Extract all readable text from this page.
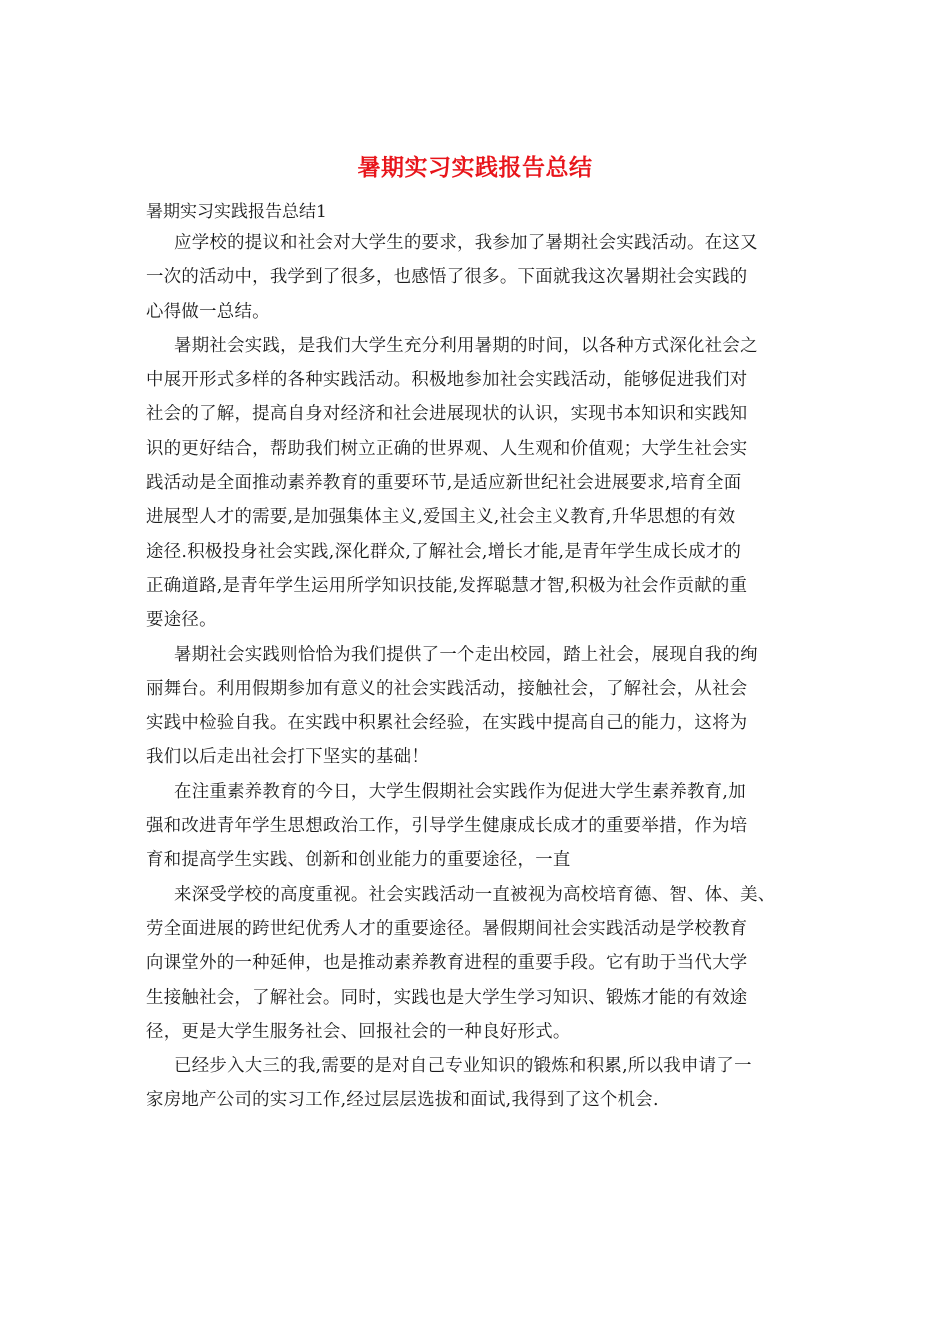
暑期实习实践报告总结

暑期实习实践报告总结1

应学校的提议和社会对大学生的要求，我参加了暑期社会实践活动。在这又
一次的活动中，我学到了很多，也感悟了很多。下面就我这次暑期社会实践的
心得做一总结。

暑期社会实践，是我们大学生充分利用暑期的时间，以各种方式深化社会之
中展开形式多样的各种实践活动。积极地参加社会实践活动，能够促进我们对
社会的了解，提高自身对经济和社会进展现状的认识，实现书本知识和实践知
识的更好结合，帮助我们树立正确的世界观、人生观和价值观；大学生社会实
践活动是全面推动素养教育的重要环节,是适应新世纪社会进展要求,培育全面
进展型人才的需要,是加强集体主义,爱国主义,社会主义教育,升华思想的有效
途径.积极投身社会实践,深化群众,了解社会,增长才能,是青年学生成长成才的
正确道路,是青年学生运用所学知识技能,发挥聪慧才智,积极为社会作贡献的重
要途径。

暑期社会实践则恰恰为我们提供了一个走出校园，踏上社会，展现自我的绚
丽舞台。利用假期参加有意义的社会实践活动，接触社会，了解社会，从社会
实践中检验自我。在实践中积累社会经验，在实践中提高自己的能力，这将为
我们以后走出社会打下坚实的基础！

在注重素养教育的今日，大学生假期社会实践作为促进大学生素养教育,加
强和改进青年学生思想政治工作，引导学生健康成长成才的重要举措，作为培
育和提高学生实践、创新和创业能力的重要途径，一直

来深受学校的高度重视。社会实践活动一直被视为高校培育德、智、体、美、
劳全面进展的跨世纪优秀人才的重要途径。暑假期间社会实践活动是学校教育
向课堂外的一种延伸，也是推动素养教育进程的重要手段。它有助于当代大学
生接触社会，了解社会。同时，实践也是大学生学习知识、锻炼才能的有效途
径，更是大学生服务社会、回报社会的一种良好形式。

已经步入大三的我,需要的是对自己专业知识的锻炼和积累,所以我申请了一
家房地产公司的实习工作,经过层层选拔和面试,我得到了这个机会.
